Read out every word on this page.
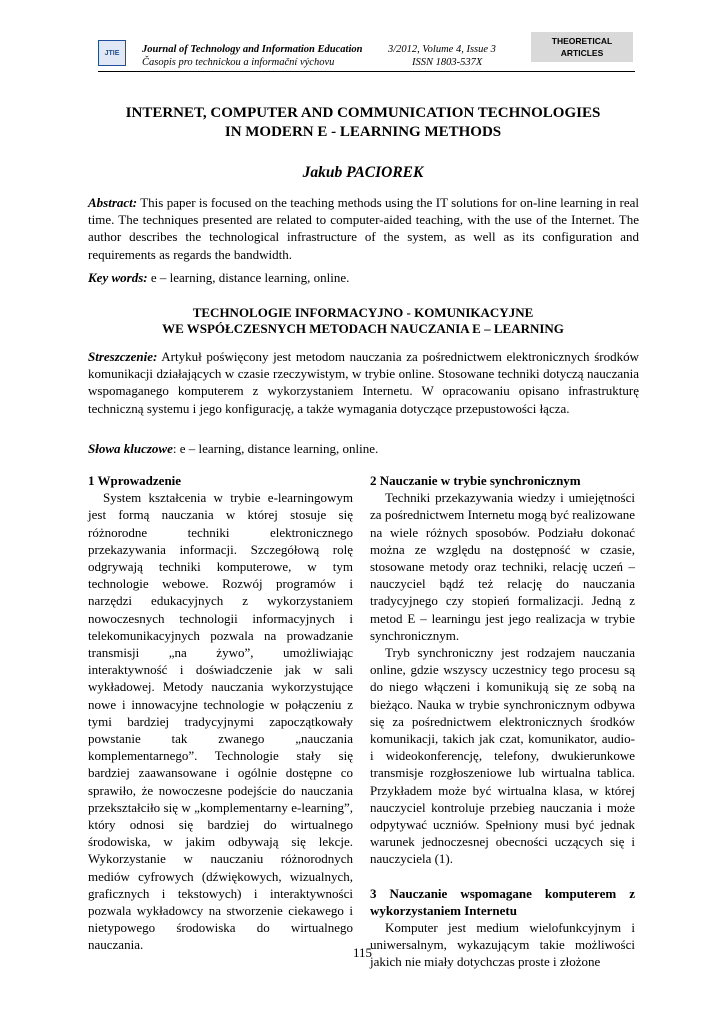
JTIE Journal of Technology and Information Education
Časopis pro technickou a informační výchovu
3/2012, Volume 4, Issue 3
ISSN 1803-537X
THEORETICAL
ARTICLES
INTERNET, COMPUTER AND COMMUNICATION TECHNOLOGIES
IN MODERN E - LEARNING METHODS
Jakub PACIOREK
Abstract: This paper is focused on the teaching methods using the IT solutions for on-line learning in real time. The techniques presented are related to computer-aided teaching, with the use of the Internet. The author describes the technological infrastructure of the system, as well as its configuration and requirements as regards the bandwidth.
Key words: e – learning, distance learning, online.
TECHNOLOGIE INFORMACYJNO - KOMUNIKACYJNE
WE WSPÓŁCZESNYCH METODACH NAUCZANIA E – LEARNING
Streszczenie: Artykuł poświęcony jest metodom nauczania za pośrednictwem elektronicznych środków komunikacji działających w czasie rzeczywistym, w trybie online. Stosowane techniki dotyczą nauczania wspomaganego komputerem z wykorzystaniem Internetu. W opracowaniu opisano infrastrukturę techniczną systemu i jego konfigurację, a także wymagania dotyczące przepustowości łącza.
Słowa kluczowe: e – learning, distance learning, online.
1 Wprowadzenie

System kształcenia w trybie e-learningowym jest formą nauczania w której stosuje się różnorodne techniki elektronicznego przekazywania informacji. Szczegółową rolę odgrywają techniki komputerowe, w tym technologie webowe. Rozwój programów i narzędzi edukacyjnych z wykorzystaniem nowoczesnych technologii informacyjnych i telekomunikacyjnych pozwala na prowadzanie transmisji „na żywo”, umożliwiając interaktywność i doświadczenie jak w sali wykładowej. Metody nauczania wykorzystujące nowe i innowacyjne technologie w połączeniu z tymi bardziej tradycyjnymi zapoczątkowały powstanie tak zwanego „nauczania komplementarnego”. Technologie stały się bardziej zaawansowane i ogólnie dostępne co sprawiło, że nowoczesne podejście do nauczania przekształciło się w „komplementarny e-learning”, który odnosi się bardziej do wirtualnego środowiska, w jakim odbywają się lekcje. Wykorzystanie w nauczaniu różnorodnych mediów cyfrowych (dźwiękowych, wizualnych, graficznych i tekstowych) i interaktywności pozwala wykładowcy na stworzenie ciekawego i nietypowego środowiska do wirtualnego nauczania.

2 Nauczanie w trybie synchronicznym

Techniki przekazywania wiedzy i umiejętności za pośrednictwem Internetu mogą być realizowane na wiele różnych sposobów. Podziału dokonać można ze względu na dostępność w czasie, stosowane metody oraz techniki, relację uczeń – nauczyciel bądź też relację do nauczania tradycyjnego czy stopień formalizacji. Jedną z metod E – learningu jest jego realizacja w trybie synchronicznym.

Tryb synchroniczny jest rodzajem nauczania online, gdzie wszyscy uczestnicy tego procesu są do niego włączeni i komunikują się ze sobą na bieżąco. Nauka w trybie synchronicznym odbywa się za pośrednictwem elektronicznych środków komunikacji, takich jak czat, komunikator, audio- i wideokonferencję, telefony, dwukierunkowe transmisje rozgłoszeniowe lub wirtualna tablica. Przykładem może być wirtualna klasa, w której nauczyciel kontroluje przebieg nauczania i może odpytywać uczniów. Spełniony musi być jednak warunek jednoczesnej obecności uczących się i nauczyciela (1).

3 Nauczanie wspomagane komputerem z wykorzystaniem Internetu

Komputer jest medium wielofunkcyjnym i uniwersalnym, wykazującym takie możliwości jakich nie miały dotychczas proste i złożone

115
